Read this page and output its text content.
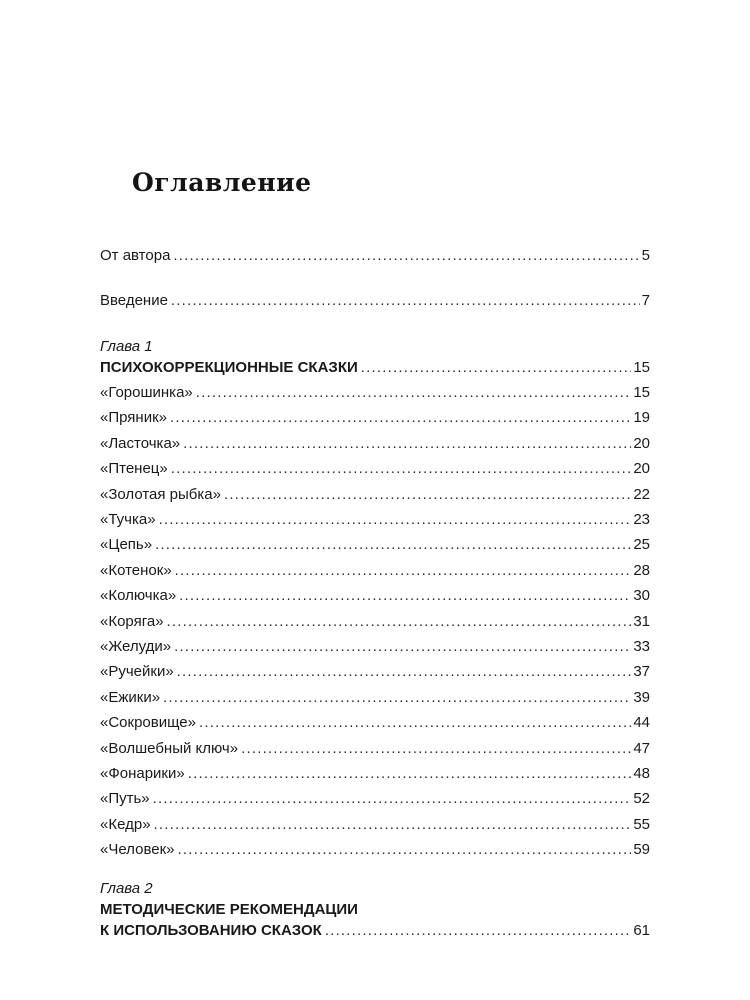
Оглавление
От автора .....	5
Введение .....	7
Глава 1
ПСИХОКОРРЕКЦИОННЫЕ СКАЗКИ .....	15
«Горошинка» .....	15
«Пряник» .....	19
«Ласточка» .....	20
«Птенец» .....	20
«Золотая рыбка» .....	22
«Тучка» .....	23
«Цепь» .....	25
«Котенок» .....	28
«Колючка» .....	30
«Коряга» .....	31
«Желуди» .....	33
«Ручейки» .....	37
«Ежики» .....	39
«Сокровище» .....	44
«Волшебный ключ» .....	47
«Фонарики» .....	48
«Путь» .....	52
«Кедр» .....	55
«Человек» .....	59
Глава 2
МЕТОДИЧЕСКИЕ РЕКОМЕНДАЦИИ
К ИСПОЛЬЗОВАНИЮ СКАЗОК .....	61
